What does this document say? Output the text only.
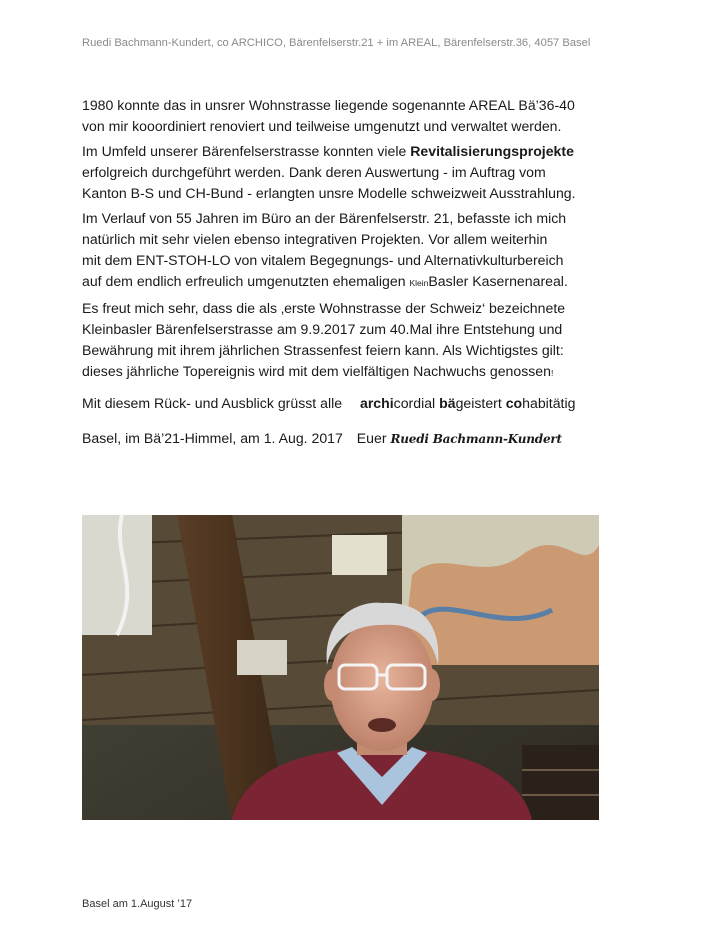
Ruedi Bachmann-Kundert, co ARCHICO, Bärenfelserstr.21 + im AREAL, Bärenfelserstr.36, 4057 Basel
1980 konnte das in unsrer Wohnstrasse liegende sogenannte AREAL Bä’36-40
von mir kooordiniert renoviert und teilweise umgenutzt und verwaltet werden.
Im Umfeld unserer Bärenfelserstrasse konnten viele Revitalisierungsprojekte
erfolgreich durchgeführt werden. Dank deren Auswertung - im Auftrag vom
Kanton B-S und CH-Bund - erlangten unsre Modelle schweizweit Ausstrahlung.
Im Verlauf von 55 Jahren im Büro an der Bärenfelserstr. 21, befasste ich mich
natürlich mit sehr vielen ebenso integrativen Projekten. Vor allem weiterhin
mit dem ENT-STOH-LO von vitalem Begegnungs- und Alternativkulturbereich
auf dem endlich erfreulich umgenutzten ehemaligen KleinBasler Kasernenareal.
Es freut mich sehr, dass die als ‚erste Wohnstrasse der Schweiz‘ bezeichnete
Kleinbasler Bärenfelserstrasse am 9.9.2017 zum 40.Mal ihre Entstehung und
Bewährung mit ihrem jährlichen Strassenfest feiern kann. Als Wichtigstes gilt:
dieses jährliche Topereignis wird mit dem vielfältigen Nachwuchs genossen!
Mit diesem Rück- und Ausblick grüsst alle archicordial bägeistert cohabitätig
Basel, im Bä’21-Himmel, am 1. Aug. 2017 Euer Ruedi Bachmann-Kundert
Basel am 1.August ’17
